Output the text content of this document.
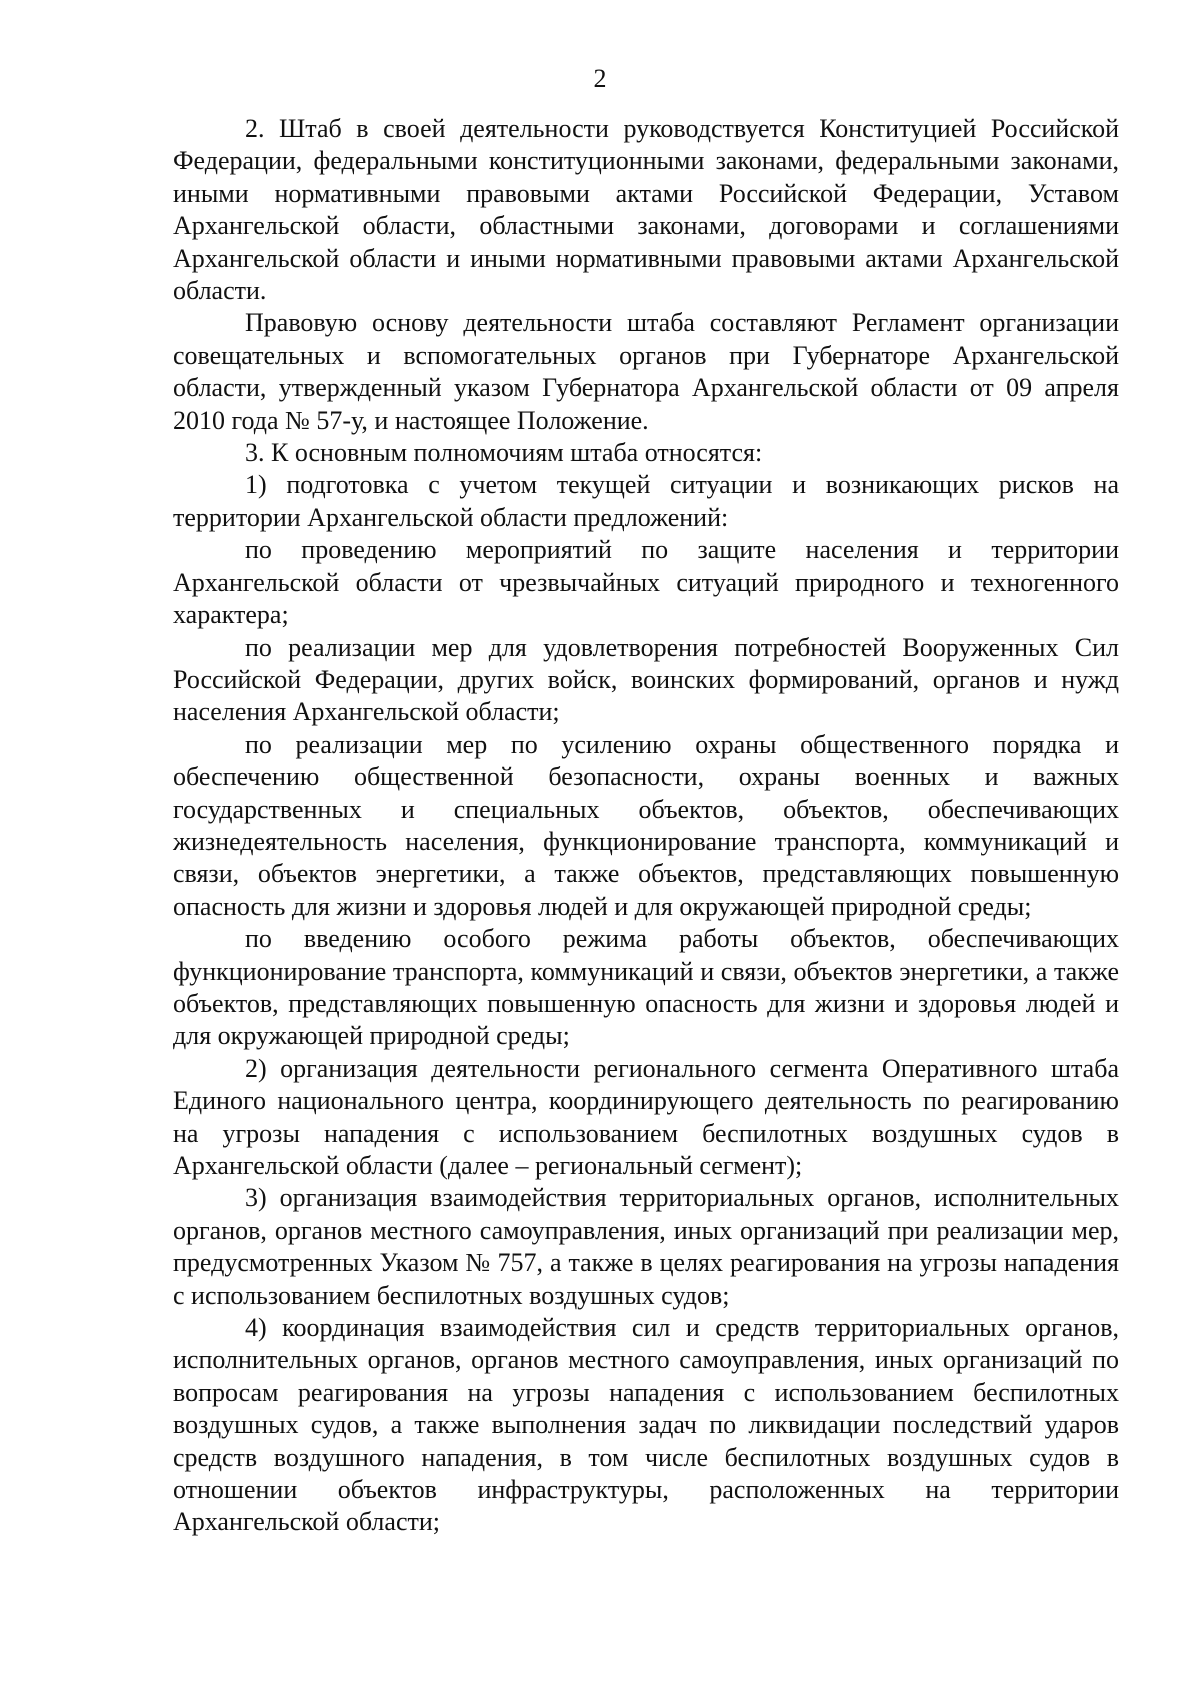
2

2. Штаб в своей деятельности руководствуется Конституцией Российской Федерации, федеральными конституционными законами, федеральными законами, иными нормативными правовыми актами Российской Федерации, Уставом Архангельской области, областными законами, договорами и соглашениями Архангельской области и иными нормативными правовыми актами Архангельской области.

Правовую основу деятельности штаба составляют Регламент организации совещательных и вспомогательных органов при Губернаторе Архангельской области, утвержденный указом Губернатора Архангельской области от 09 апреля 2010 года № 57-у, и настоящее Положение.

3. К основным полномочиям штаба относятся:

1) подготовка с учетом текущей ситуации и возникающих рисков на территории Архангельской области предложений:

по проведению мероприятий по защите населения и территории Архангельской области от чрезвычайных ситуаций природного и техногенного характера;

по реализации мер для удовлетворения потребностей Вооруженных Сил Российской Федерации, других войск, воинских формирований, органов и нужд населения Архангельской области;

по реализации мер по усилению охраны общественного порядка и обеспечению общественной безопасности, охраны военных и важных государственных и специальных объектов, объектов, обеспечивающих жизнедеятельность населения, функционирование транспорта, коммуникаций и связи, объектов энергетики, а также объектов, представляющих повышенную опасность для жизни и здоровья людей и для окружающей природной среды;

по введению особого режима работы объектов, обеспечивающих функционирование транспорта, коммуникаций и связи, объектов энергетики, а также объектов, представляющих повышенную опасность для жизни и здоровья людей и для окружающей природной среды;

2) организация деятельности регионального сегмента Оперативного штаба Единого национального центра, координирующего деятельность по реагированию на угрозы нападения с использованием беспилотных воздушных судов в Архангельской области (далее – региональный сегмент);

3) организация взаимодействия территориальных органов, исполнительных органов, органов местного самоуправления, иных организаций при реализации мер, предусмотренных Указом № 757, а также в целях реагирования на угрозы нападения с использованием беспилотных воздушных судов;

4) координация взаимодействия сил и средств территориальных органов, исполнительных органов, органов местного самоуправления, иных организаций по вопросам реагирования на угрозы нападения с использованием беспилотных воздушных судов, а также выполнения задач по ликвидации последствий ударов средств воздушного нападения, в том числе беспилотных воздушных судов в отношении объектов инфраструктуры, расположенных на территории Архангельской области;
